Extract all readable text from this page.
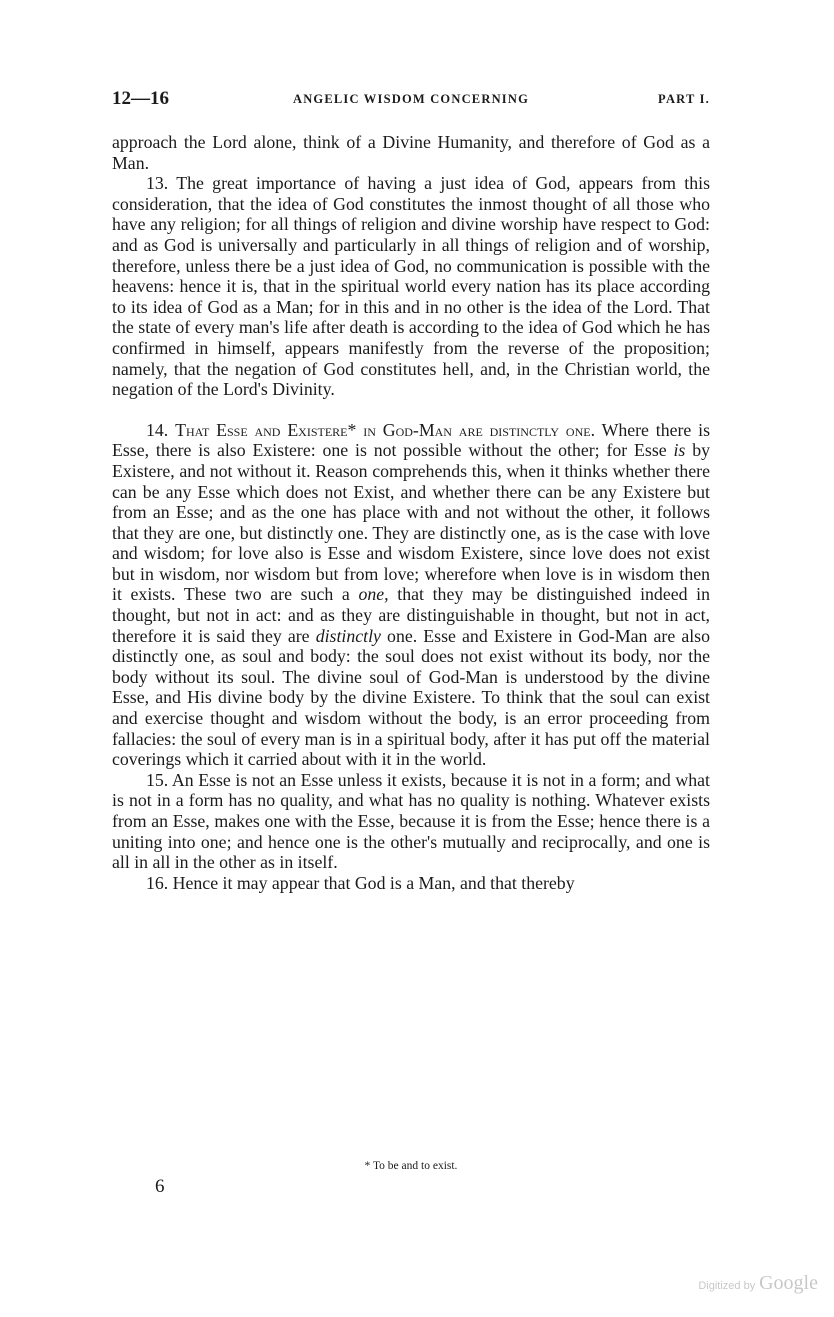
12—16	ANGELIC WISDOM CONCERNING	PART I.

approach the Lord alone, think of a Divine Humanity, and therefore of God as a Man.

13. The great importance of having a just idea of God, appears from this consideration, that the idea of God constitutes the inmost thought of all those who have any religion; for all things of religion and divine worship have respect to God: and as God is universally and particularly in all things of religion and of worship, therefore, unless there be a just idea of God, no communication is possible with the heavens: hence it is, that in the spiritual world every nation has its place according to its idea of God as a Man; for in this and in no other is the idea of the Lord. That the state of every man's life after death is according to the idea of God which he has confirmed in himself, appears manifestly from the reverse of the proposition; namely, that the negation of God constitutes hell, and, in the Christian world, the negation of the Lord's Divinity.

14. That Esse and Existere* in God-Man are distinctly one. Where there is Esse, there is also Existere: one is not possible without the other; for Esse is by Existere, and not without it. Reason comprehends this, when it thinks whether there can be any Esse which does not Exist, and whether there can be any Existere but from an Esse; and as the one has place with and not without the other, it follows that they are one, but distinctly one. They are distinctly one, as is the case with love and wisdom; for love also is Esse and wisdom Existere, since love does not exist but in wisdom, nor wisdom but from love; wherefore when love is in wisdom then it exists. These two are such a one, that they may be distinguished indeed in thought, but not in act: and as they are distinguishable in thought, but not in act, therefore it is said they are distinctly one. Esse and Existere in God-Man are also distinctly one, as soul and body: the soul does not exist without its body, nor the body without its soul. The divine soul of God-Man is understood by the divine Esse, and His divine body by the divine Existere. To think that the soul can exist and exercise thought and wisdom without the body, is an error proceeding from fallacies: the soul of every man is in a spiritual body, after it has put off the material coverings which it carried about with it in the world.

15. An Esse is not an Esse unless it exists, because it is not in a form; and what is not in a form has no quality, and what has no quality is nothing. Whatever exists from an Esse, makes one with the Esse, because it is from the Esse; hence there is a uniting into one; and hence one is the other's mutually and reciprocally, and one is all in all in the other as in itself.

16. Hence it may appear that God is a Man, and that thereby

* To be and to exist.
6
Digitized by Google
